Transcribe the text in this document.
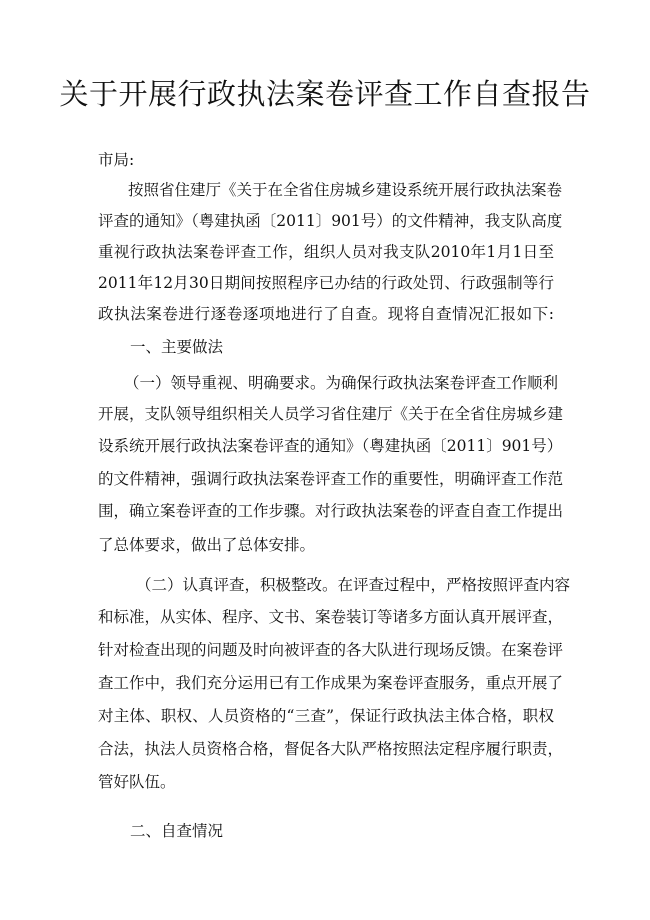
关于开展行政执法案卷评查工作自查报告

市局:

按照省住建厅《关于在全省住房城乡建设系统开展行政执法案卷

评查的通知》（粤建执函〔2011〕901号）的文件精神，我支队高度

重视行政执法案卷评查工作，组织人员对我支队2010年1月1日至

2011年12月30日期间按照程序已办结的行政处罚、行政强制等行

政执法案卷进行逐卷逐项地进行了自查。现将自查情况汇报如下:

一、主要做法

（一）领导重视、明确要求。为确保行政执法案卷评查工作顺利

开展，支队领导组织相关人员学习省住建厅《关于在全省住房城乡建

设系统开展行政执法案卷评查的通知》（粤建执函〔2011〕901号）

的文件精神，强调行政执法案卷评查工作的重要性，明确评查工作范

围，确立案卷评查的工作步骤。对行政执法案卷的评查自查工作提出

了总体要求，做出了总体安排。

（二）认真评查，积极整改。在评查过程中，严格按照评查内容

和标准，从实体、程序、文书、案卷装订等诸多方面认真开展评查，

针对检查出现的问题及时向被评查的各大队进行现场反馈。在案卷评

查工作中，我们充分运用已有工作成果为案卷评查服务，重点开展了

对主体、职权、人员资格的“三查”，保证行政执法主体合格，职权

合法，执法人员资格合格，督促各大队严格按照法定程序履行职责，

管好队伍。

二、自查情况
